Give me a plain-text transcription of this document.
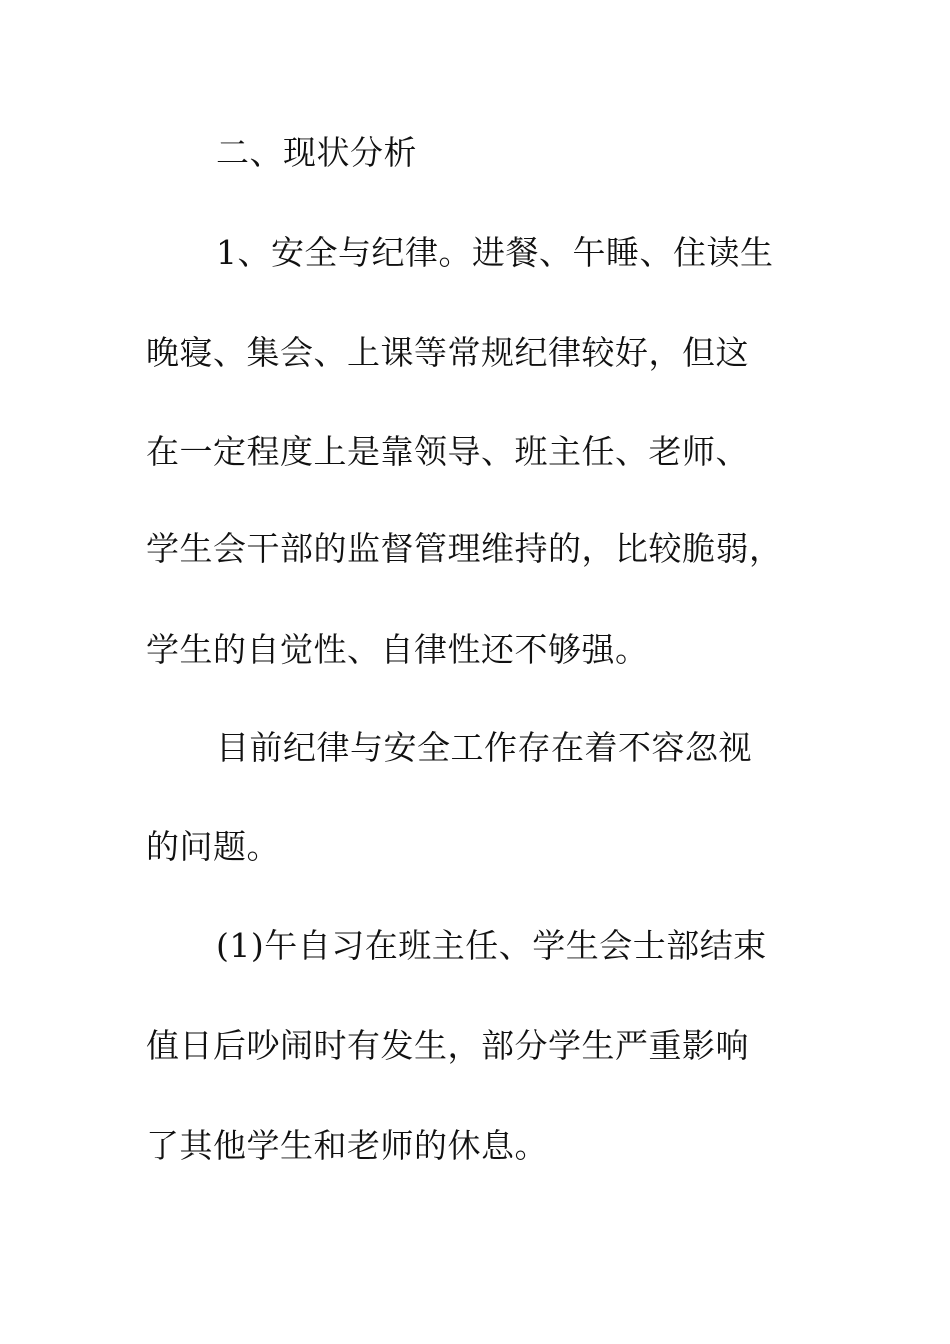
二、现状分析
1、安全与纪律。进餐、午睡、住读生
晚寝、集会、上课等常规纪律较好，但这
在一定程度上是靠领导、班主任、老师、
学生会干部的监督管理维持的，比较脆弱，
学生的自觉性、自律性还不够强。
目前纪律与安全工作存在着不容忽视
的问题。
(1)午自习在班主任、学生会士部结束
值日后吵闹时有发生，部分学生严重影响
了其他学生和老师的休息。
